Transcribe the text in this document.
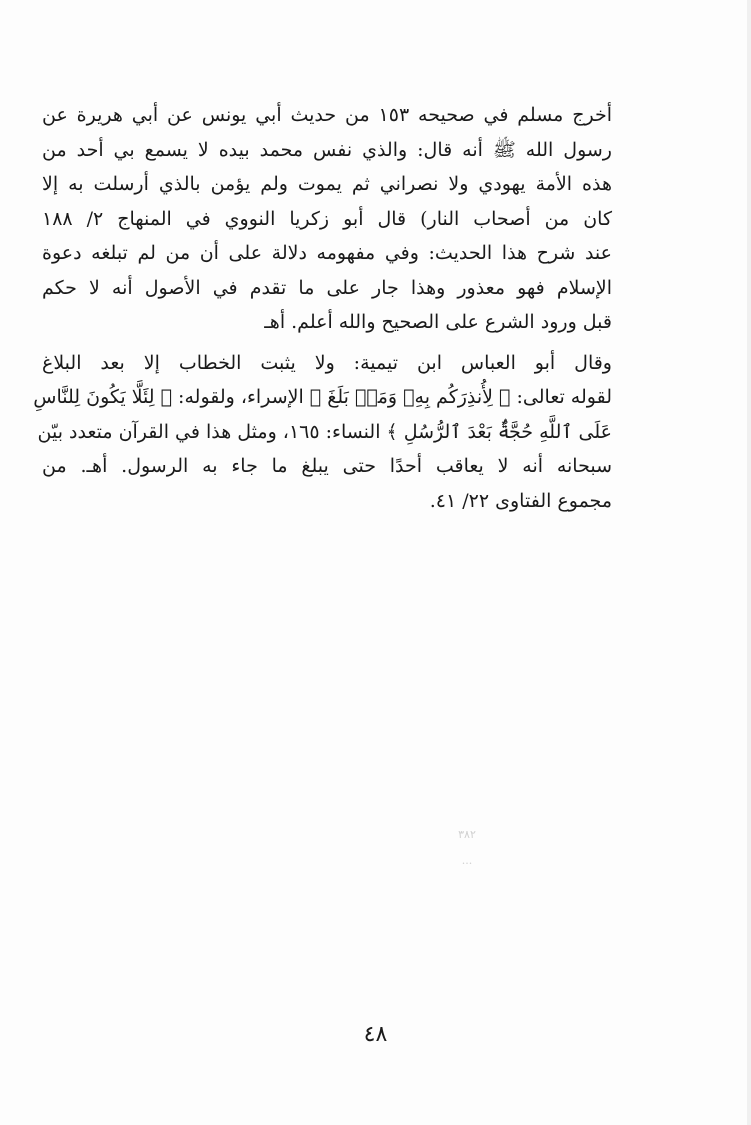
أخرج مسلم في صحيحه ١٥٣ من حديث أبي يونس عن أبي هريرة عن
رسول الله ﷺ أنه قال: والذي نفس محمد بيده لا يسمع بي أحد من
هذه الأمة يهودي ولا نصراني ثم يموت ولم يؤمن بالذي أرسلت به إلا
كان من أصحاب النار) قال أبو زكريا النووي في المنهاج ٢/ ١٨٨
عند شرح هذا الحديث: وفي مفهومه دلالة على أن من لم تبلغه دعوة
الإسلام فهو معذور وهذا جار على ما تقدم في الأصول أنه لا حكم
قبل ورود الشرع على الصحيح والله أعلم. أهـ

وقال أبو العباس ابن تيمية: ولا يثبت الخطاب إلا بعد البلاغ
لقوله تعالى: ﴿ لِأُنذِرَكُم بِهِۦ وَمَنۢ بَلَغَ ﴾ الإسراء، ولقوله: ﴿ لِئَلَّا يَكُونَ لِلنَّاسِ
عَلَى ٱللَّهِ حُجَّةٌۢ بَعْدَ ٱلرُّسُلِ ﴾ النساء: ١٦٥، ومثل هذا في القرآن متعدد بيّن
سبحانه أنه لا يعاقب أحدًا حتى يبلغ ما جاء به الرسول. أهـ. من
مجموع الفتاوى ٢٢/ ٤١.

٣٨٢
...
٤٨
